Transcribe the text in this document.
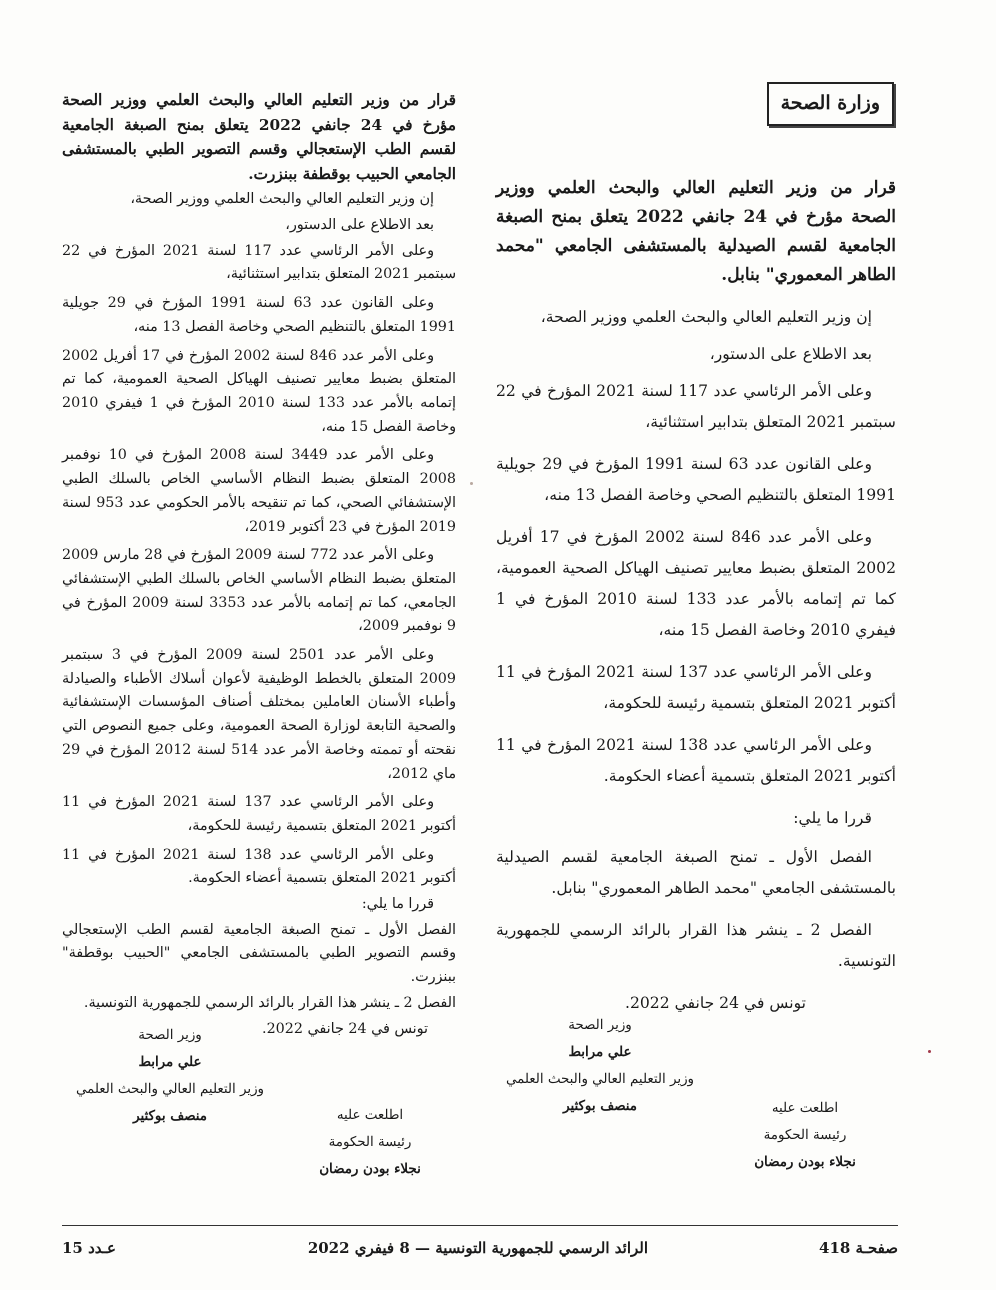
وزارة الصحة

قرار من وزير التعليم العالي والبحث العلمي ووزير الصحة مؤرخ في 24 جانفي 2022 يتعلق بمنح الصبغة الجامعية لقسم الصيدلية بالمستشفى الجامعي "محمد الطاهر المعموري" بنابل.

إن وزير التعليم العالي والبحث العلمي ووزير الصحة،

بعد الاطلاع على الدستور،

وعلى الأمر الرئاسي عدد 117 لسنة 2021 المؤرخ في 22 سبتمبر 2021 المتعلق بتدابير استثنائية،

وعلى القانون عدد 63 لسنة 1991 المؤرخ في 29 جويلية 1991 المتعلق بالتنظيم الصحي وخاصة الفصل 13 منه،

وعلى الأمر عدد 846 لسنة 2002 المؤرخ في 17 أفريل 2002 المتعلق بضبط معايير تصنيف الهياكل الصحية العمومية، كما تم إتمامه بالأمر عدد 133 لسنة 2010 المؤرخ في 1 فيفري 2010 وخاصة الفصل 15 منه،

وعلى الأمر الرئاسي عدد 137 لسنة 2021 المؤرخ في 11 أكتوبر 2021 المتعلق بتسمية رئيسة للحكومة،

وعلى الأمر الرئاسي عدد 138 لسنة 2021 المؤرخ في 11 أكتوبر 2021 المتعلق بتسمية أعضاء الحكومة.

قررا ما يلي:

الفصل الأول ـ تمنح الصبغة الجامعية لقسم الصيدلية بالمستشفى الجامعي "محمد الطاهر المعموري" بنابل.

الفصل 2 ـ ينشر هذا القرار بالرائد الرسمي للجمهورية التونسية.

تونس في 24 جانفي 2022.

وزير الصحة
علي مرابط
وزير التعليم العالي والبحث العلمي
منصف بوكثير	اطلعت عليه
رئيسة الحكومة
نجلاء بودن رمضان

قرار من وزير التعليم العالي والبحث العلمي ووزير الصحة مؤرخ في 24 جانفي 2022 يتعلق بمنح الصبغة الجامعية لقسم الطب الإستعجالي وقسم التصوير الطبي بالمستشفى الجامعي الحبيب بوقطفة ببنزرت.

إن وزير التعليم العالي والبحث العلمي ووزير الصحة،

بعد الاطلاع على الدستور،

وعلى الأمر الرئاسي عدد 117 لسنة 2021 المؤرخ في 22 سبتمبر 2021 المتعلق بتدابير استثنائية،

وعلى القانون عدد 63 لسنة 1991 المؤرخ في 29 جويلية 1991 المتعلق بالتنظيم الصحي وخاصة الفصل 13 منه،

وعلى الأمر عدد 846 لسنة 2002 المؤرخ في 17 أفريل 2002 المتعلق بضبط معايير تصنيف الهياكل الصحية العمومية، كما تم إتمامه بالأمر عدد 133 لسنة 2010 المؤرخ في 1 فيفري 2010 وخاصة الفصل 15 منه،

وعلى الأمر عدد 3449 لسنة 2008 المؤرخ في 10 نوفمبر 2008 المتعلق بضبط النظام الأساسي الخاص بالسلك الطبي الإستشفائي الصحي، كما تم تنقيحه بالأمر الحكومي عدد 953 لسنة 2019 المؤرخ في 23 أكتوبر 2019،

وعلى الأمر عدد 772 لسنة 2009 المؤرخ في 28 مارس 2009 المتعلق بضبط النظام الأساسي الخاص بالسلك الطبي الإستشفائي الجامعي، كما تم إتمامه بالأمر عدد 3353 لسنة 2009 المؤرخ في 9 نوفمبر 2009،

وعلى الأمر عدد 2501 لسنة 2009 المؤرخ في 3 سبتمبر 2009 المتعلق بالخطط الوظيفية لأعوان أسلاك الأطباء والصيادلة وأطباء الأسنان العاملين بمختلف أصناف المؤسسات الإستشفائية والصحية التابعة لوزارة الصحة العمومية، وعلى جميع النصوص التي نقحته أو تممته وخاصة الأمر عدد 514 لسنة 2012 المؤرخ في 29 ماي 2012،

وعلى الأمر الرئاسي عدد 137 لسنة 2021 المؤرخ في 11 أكتوبر 2021 المتعلق بتسمية رئيسة للحكومة،

وعلى الأمر الرئاسي عدد 138 لسنة 2021 المؤرخ في 11 أكتوبر 2021 المتعلق بتسمية أعضاء الحكومة.

قررا ما يلي:

الفصل الأول ـ تمنح الصبغة الجامعية لقسم الطب الإستعجالي وقسم التصوير الطبي بالمستشفى الجامعي "الحبيب بوقطفة" ببنزرت.

الفصل 2 ـ ينشر هذا القرار بالرائد الرسمي للجمهورية التونسية.

تونس في 24 جانفي 2022.

وزير الصحة
علي مرابط
وزير التعليم العالي والبحث العلمي
منصف بوكثير	اطلعت عليه
رئيسة الحكومة
نجلاء بودن رمضان
صفحـة 418
الرائد الرسمي للجمهورية التونسية — 8 فيفري 2022
عـدد 15
